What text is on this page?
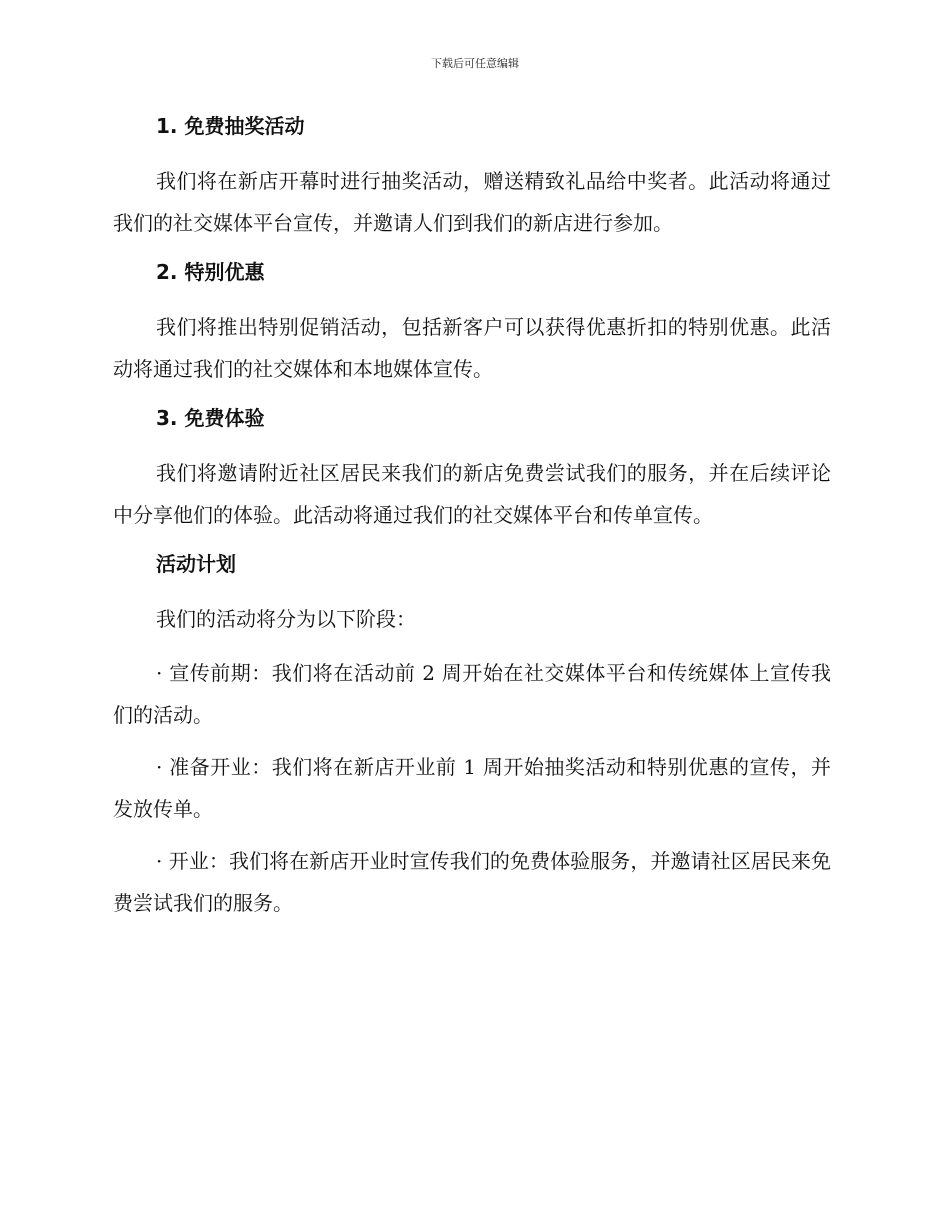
下载后可任意编辑
1. 免费抽奖活动

我们将在新店开幕时进行抽奖活动，赠送精致礼品给中奖者。此活动将通过我们的社交媒体平台宣传，并邀请人们到我们的新店进行参加。

2. 特别优惠

我们将推出特别促销活动，包括新客户可以获得优惠折扣的特别优惠。此活动将通过我们的社交媒体和本地媒体宣传。

3. 免费体验

我们将邀请附近社区居民来我们的新店免费尝试我们的服务，并在后续评论中分享他们的体验。此活动将通过我们的社交媒体平台和传单宣传。

活动计划

我们的活动将分为以下阶段：

· 宣传前期：我们将在活动前 2 周开始在社交媒体平台和传统媒体上宣传我们的活动。

· 准备开业：我们将在新店开业前 1 周开始抽奖活动和特别优惠的宣传，并发放传单。

· 开业：我们将在新店开业时宣传我们的免费体验服务，并邀请社区居民来免费尝试我们的服务。
